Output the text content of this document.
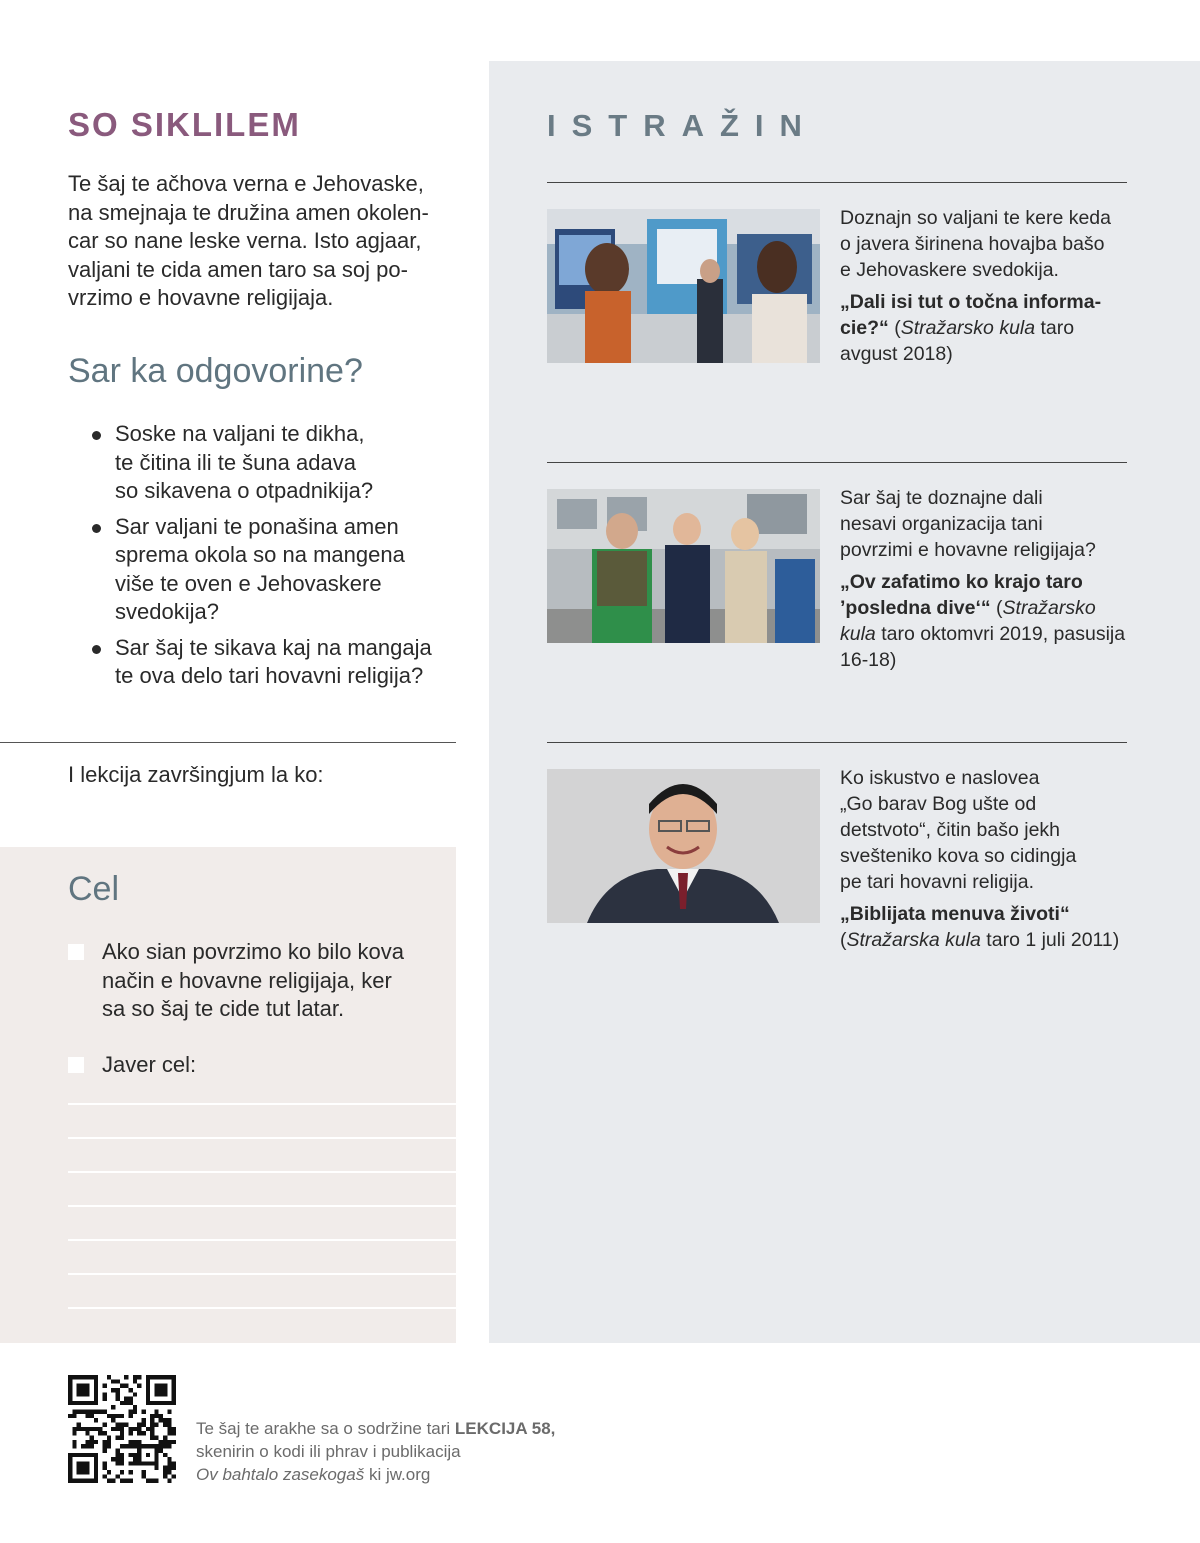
SO SIKLILEM

Te šaj te ačhova verna e Jehovaske,
na smejnaja te družina amen okolen-
car so nane leske verna. Isto agjaar,
valjani te cida amen taro sa soj po-
vrzimo e hovavne religijaja.

Sar ka odgovorine?
Soske na valjani te dikha,
te čitina ili te šuna adava
so sikavena o otpadnikija?
Sar valjani te ponašina amen
sprema okola so na mangena
više te oven e Jehovaskere
svedokija?
Sar šaj te sikava kaj na mangaja
te ova delo tari hovavni religija?

I lekcija završingjum la ko:

Cel
Ako sian povrzimo ko bilo kova
način e hovavne religijaja, ker
sa so šaj te cide tut latar.
Javer cel:
ISTRAŽIN

Doznajn so valjani te kere keda
o javera širinena hovajba bašo
e Jehovaskere svedokija.

„Dali isi tut o točna informa-
cie?“ (Stražarsko kula taro avgust 2018)

Sar šaj te doznajne dali
nesavi organizacija tani
povrzimi e hovavne religijaja?

„Ov zafatimo ko krajo taro
’posledna dive‘“ (Stražarsko kula taro oktomvri 2019, pasusija 16-18)

Ko iskustvo e naslovea
„Go barav Bog ušte od
detstvoto“, čitin bašo jekh
sveštenikо kova so cidingja
pe tari hovavni religija.

„Biblijata menuva životi“
(Stražarska kula taro 1 juli 2011)

Te šaj te arakhe sa o sodržine tari LEKCIJA 58,

skenirin o kodi ili phrav i publikacija

Ov bahtalo zasekogaš ki jw.org
